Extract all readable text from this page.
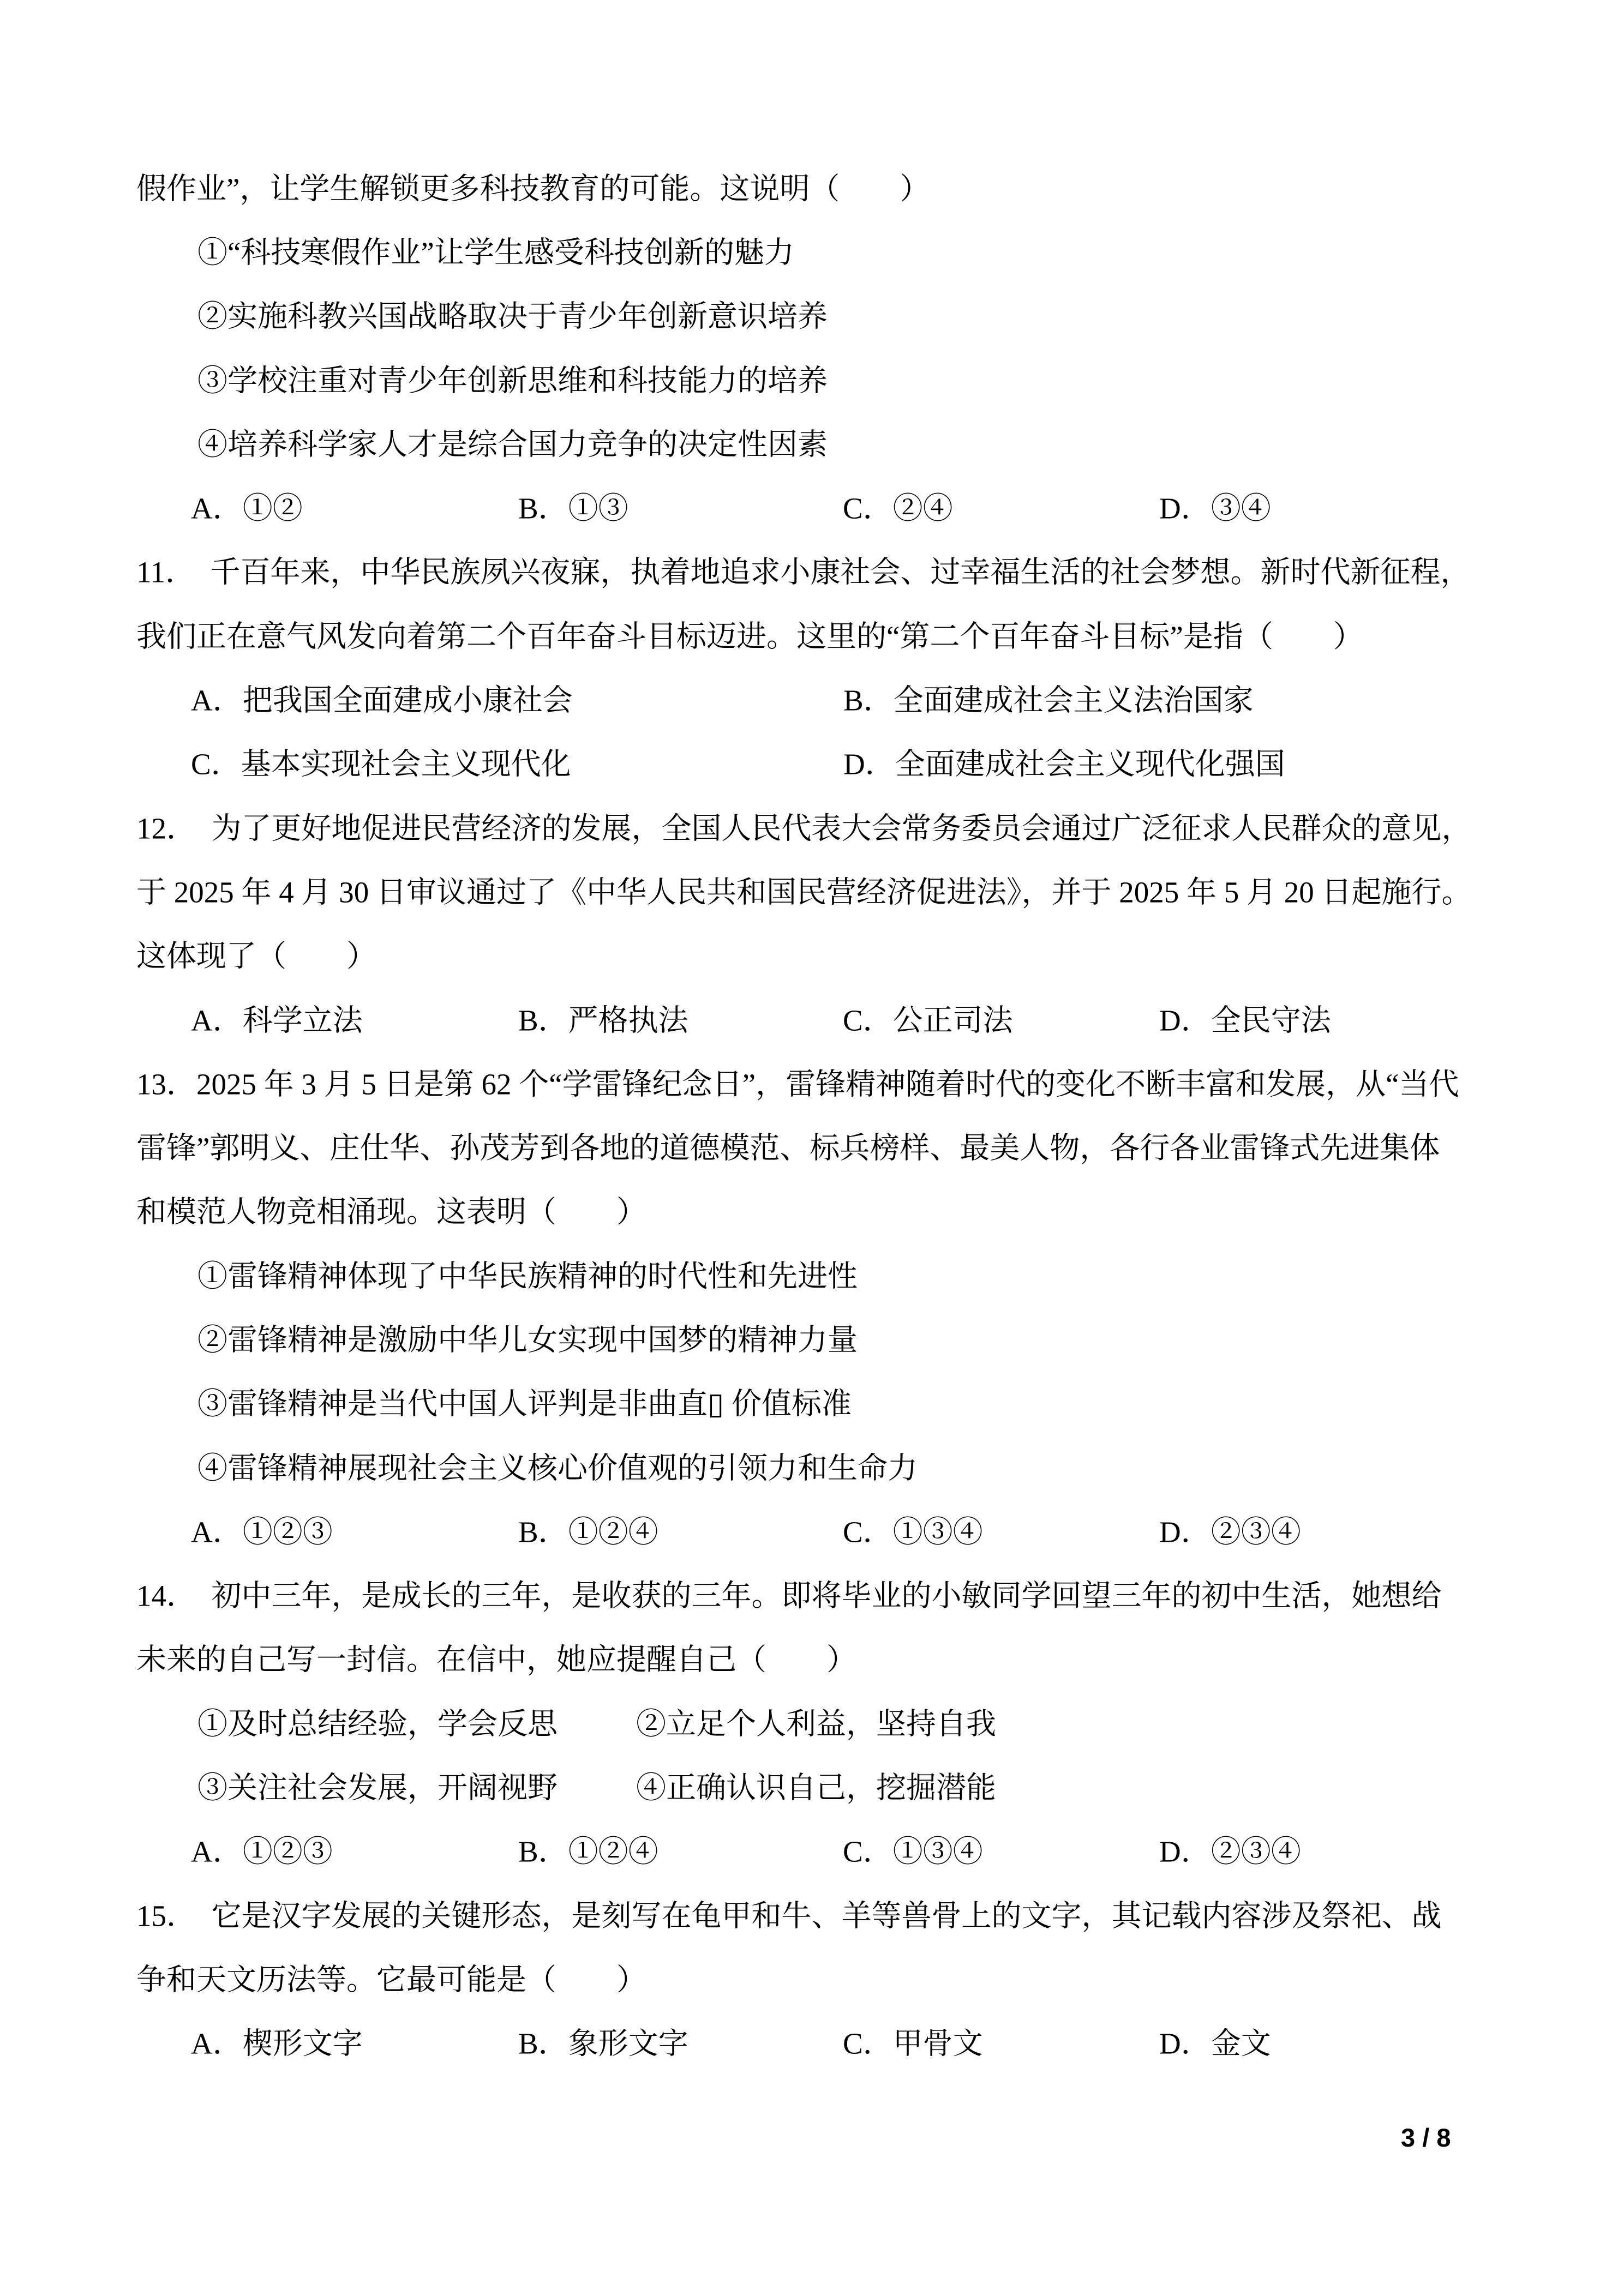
假作业”，让学生解锁更多科技教育的可能。这说明（　　）
①“科技寒假作业”让学生感受科技创新的魅力
②实施科教兴国战略取决于青少年创新意识培养
③学校注重对青少年创新思维和科技能力的培养
④培养科学家人才是综合国力竞争的决定性因素
A．①②	B．①③	C．②④	D．③④
11．　千百年来，中华民族夙兴夜寐，执着地追求小康社会、过幸福生活的社会梦想。新时代新征程，
我们正在意气风发向着第二个百年奋斗目标迈进。这里的“第二个百年奋斗目标”是指（　　）
A．把我国全面建成小康社会	B．全面建成社会主义法治国家
C．基本实现社会主义现代化	D．全面建成社会主义现代化强国
12．　为了更好地促进民营经济的发展，全国人民代表大会常务委员会通过广泛征求人民群众的意见，
于 2025 年 4 月 30 日审议通过了《中华人民共和国民营经济促进法》，并于 2025 年 5 月 20 日起施行。
这体现了（　　）
A．科学立法	B．严格执法	C．公正司法	D．全民守法
13．2025 年 3 月 5 日是第 62 个“学雷锋纪念日”，雷锋精神随着时代的变化不断丰富和发展，从“当代
雷锋”郭明义、庄仕华、孙茂芳到各地的道德模范、标兵榜样、最美人物，各行各业雷锋式先进集体
和模范人物竞相涌现。这表明（　　）
①雷锋精神体现了中华民族精神的时代性和先进性
②雷锋精神是激励中华儿女实现中国梦的精神力量
③雷锋精神是当代中国人评判是非曲直▯ 价值标准
④雷锋精神展现社会主义核心价值观的引领力和生命力
A．①②③	B．①②④	C．①③④	D．②③④
14．　初中三年，是成长的三年，是收获的三年。即将毕业的小敏同学回望三年的初中生活，她想给
未来的自己写一封信。在信中，她应提醒自己（　　）
①及时总结经验，学会反思	②立足个人利益，坚持自我
③关注社会发展，开阔视野	④正确认识自己，挖掘潜能
A．①②③	B．①②④	C．①③④	D．②③④
15．　它是汉字发展的关键形态，是刻写在龟甲和牛、羊等兽骨上的文字，其记载内容涉及祭祀、战
争和天文历法等。它最可能是（　　）
A．楔形文字	B．象形文字	C．甲骨文	D．金文
3 / 8
